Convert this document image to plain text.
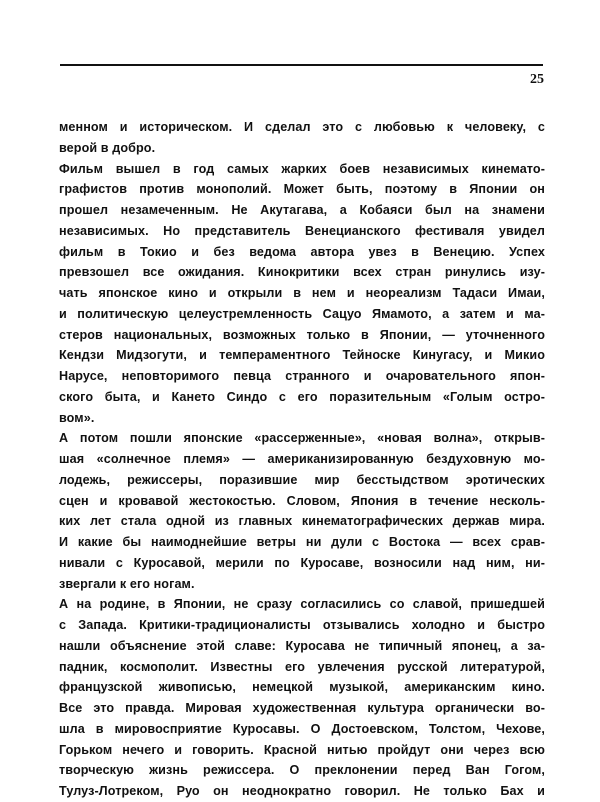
25
менном и историческом. И сделал это с любовью к человеку, с
верой в добро.
Фильм вышел в год самых жарких боев независимых кинемато-
графистов против монополий. Может быть, поэтому в Японии он
прошел незамеченным. Не Акутагава, а Кобаяси был на знамени
независимых. Но представитель Венецианского фестиваля увидел
фильм в Токио и без ведома автора увез в Венецию. Успех
превзошел все ожидания. Кинокритики всех стран ринулись изу-
чать японское кино и открыли в нем и неореализм Тадаси Имаи,
и политическую целеустремленность Сацуо Ямамото, а затем и ма-
стеров национальных, возможных только в Японии, — уточненного
Кендзи Мидзогути, и темпераментного Тейноске Кинугасу, и Микио
Нарусе, неповторимого певца странного и очаровательного япон-
ского быта, и Кането Синдо с его поразительным «Голым остро-
вом».
А потом пошли японские «рассерженные», «новая волна», открыв-
шая «солнечное племя» — американизированную бездуховную мо-
лодежь, режиссеры, поразившие мир бесстыдством эротических
сцен и кровавой жестокостью. Словом, Япония в течение несколь-
ких лет стала одной из главных кинематографических держав мира.
И какие бы наимоднейшие ветры ни дули с Востока — всех срав-
нивали с Куросавой, мерили по Куросаве, возносили над ним, ни-
звергали к его ногам.
А на родине, в Японии, не сразу согласились со славой, пришедшей
с Запада. Критики-традиционалисты отзывались холодно и быстро
нашли объяснение этой славе: Куросава не типичный японец, а за-
падник, космополит. Известны его увлечения русской литературой,
французской живописью, немецкой музыкой, американским кино.
Все это правда. Мировая художественная культура органически во-
шла в мировосприятие Куросавы. О Достоевском, Толстом, Чехове,
Горьком нечего и говорить. Красной нитью пройдут они через всю
творческую жизнь режиссера. О преклонении перед Ван Гогом,
Тулуз-Лотреком, Руо он неоднократно говорил. Не только Бах и
